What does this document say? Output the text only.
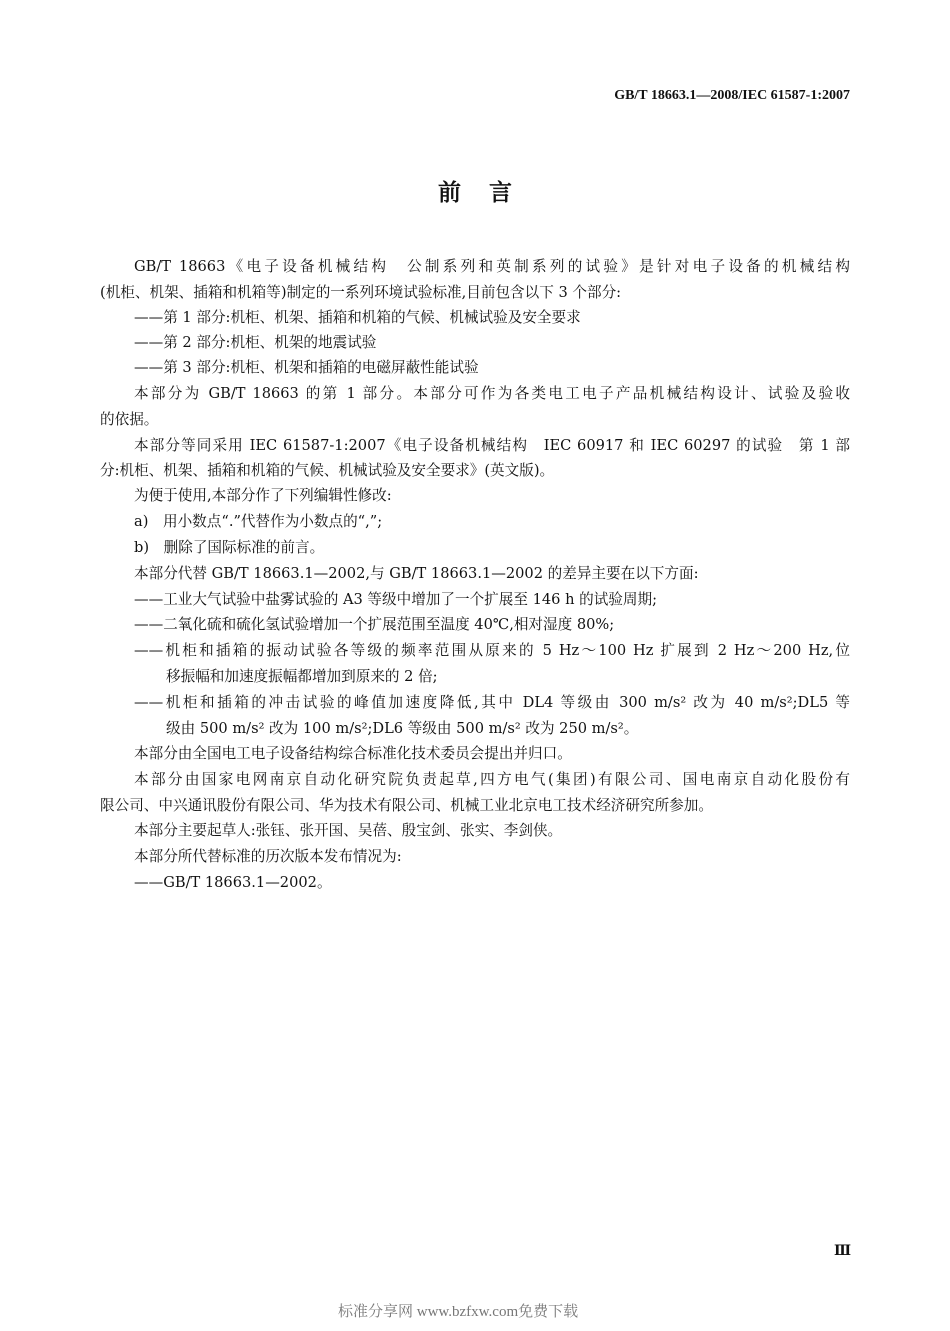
GB/T 18663.1—2008/IEC 61587-1:2007
前言
GB/T 18663《电子设备机械结构　公制系列和英制系列的试验》是针对电子设备的机械结构
(机柜、机架、插箱和机箱等)制定的一系列环境试验标准,目前包含以下 3 个部分:
——第 1 部分:机柜、机架、插箱和机箱的气候、机械试验及安全要求
——第 2 部分:机柜、机架的地震试验
——第 3 部分:机柜、机架和插箱的电磁屏蔽性能试验
本部分为 GB/T 18663 的第 1 部分。本部分可作为各类电工电子产品机械结构设计、试验及验收
的依据。
本部分等同采用 IEC 61587-1:2007《电子设备机械结构　IEC 60917 和 IEC 60297 的试验　第 1 部
分:机柜、机架、插箱和机箱的气候、机械试验及安全要求》(英文版)。
为便于使用,本部分作了下列编辑性修改:
a)　用小数点“.”代替作为小数点的“,”;
b)　删除了国际标准的前言。
本部分代替 GB/T 18663.1—2002,与 GB/T 18663.1—2002 的差异主要在以下方面:
——工业大气试验中盐雾试验的 A3 等级中增加了一个扩展至 146 h 的试验周期;
——二氧化硫和硫化氢试验增加一个扩展范围至温度 40℃,相对湿度 80%;
——机柜和插箱的振动试验各等级的频率范围从原来的 5 Hz～100 Hz 扩展到 2 Hz～200 Hz,位
移振幅和加速度振幅都增加到原来的 2 倍;
——机柜和插箱的冲击试验的峰值加速度降低,其中 DL4 等级由 300 m/s² 改为 40 m/s²;DL5 等
级由 500 m/s² 改为 100 m/s²;DL6 等级由 500 m/s² 改为 250 m/s²。
本部分由全国电工电子设备结构综合标准化技术委员会提出并归口。
本部分由国家电网南京自动化研究院负责起草,四方电气(集团)有限公司、国电南京自动化股份有
限公司、中兴通讯股份有限公司、华为技术有限公司、机械工业北京电工技术经济研究所参加。
本部分主要起草人:张钰、张开国、吴蓓、殷宝剑、张实、李剑侠。
本部分所代替标准的历次版本发布情况为:
——GB/T 18663.1—2002。
Ⅲ
标准分享网 www.bzfxw.com免费下载
